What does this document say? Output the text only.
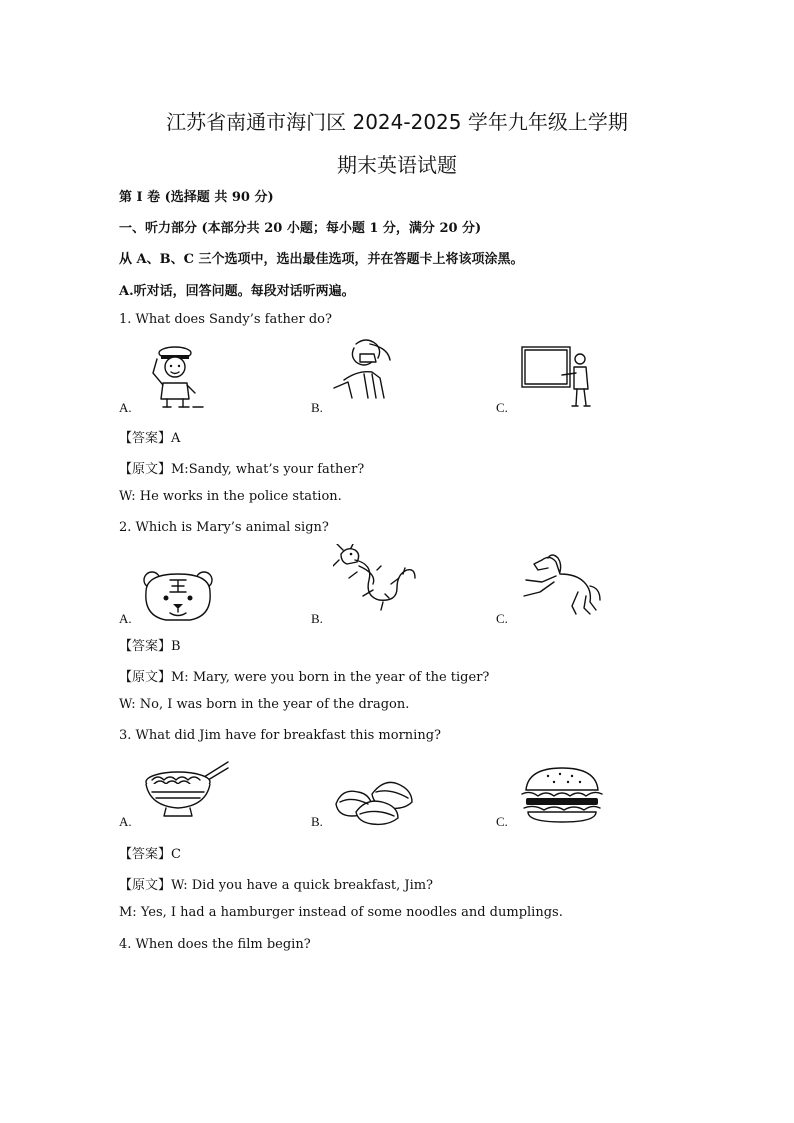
江苏省南通市海门区 2024-2025 学年九年级上学期
期末英语试题
第 I 卷 (选择题 共 90 分)
一、听力部分 (本部分共 20 小题；每小题 1 分，满分 20 分)
从 A、B、C 三个选项中，选出最佳选项，并在答题卡上将该项涂黑。
A.听对话，回答问题。每段对话听两遍。
1. What does Sandy’s father do?
A.	B.	C.
【答案】A
【原文】M:Sandy, what’s your father?
W: He works in the police station.
2. Which is Mary’s animal sign?
A.	B.	C.
【答案】B
【原文】M: Mary, were you born in the year of the tiger?
W: No, I was born in the year of the dragon.
3. What did Jim have for breakfast this morning?
A.	B.	C.
【答案】C
【原文】W: Did you have a quick breakfast, Jim?
M: Yes, I had a hamburger instead of some noodles and dumplings.
4. When does the film begin?
